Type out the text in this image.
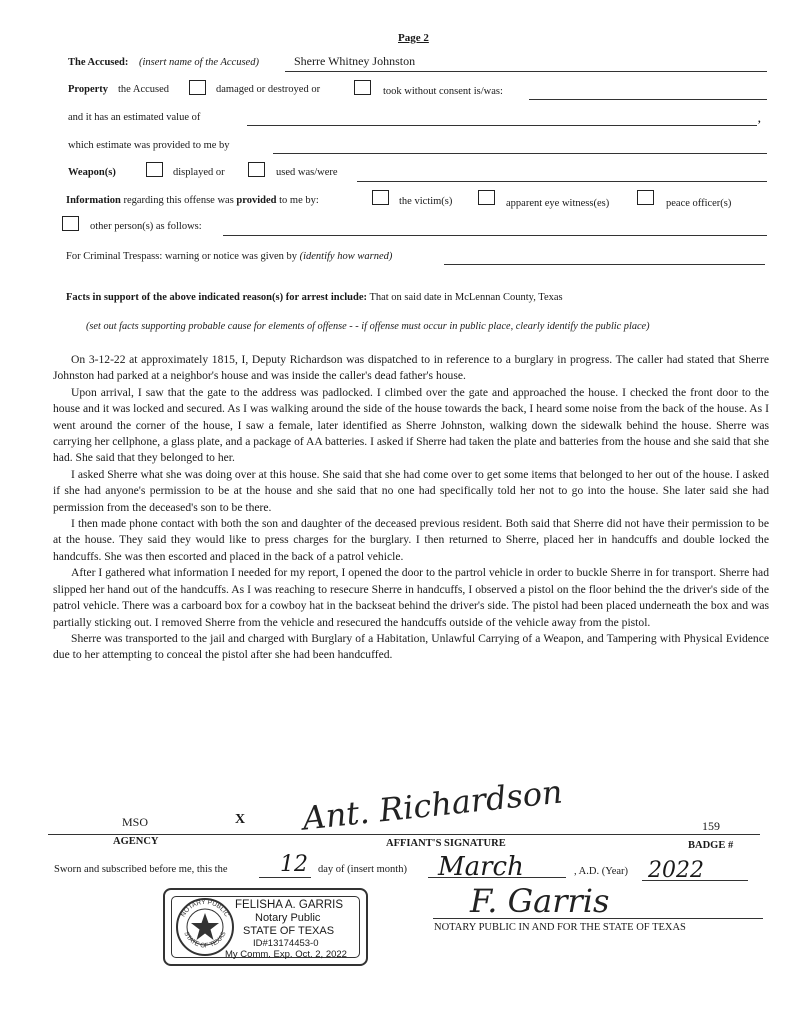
Page 2
The Accused: (insert name of the Accused)	Sherre Whitney Johnston
Property the Accused	damaged or destroyed or	took without consent is/was:
and it has an estimated value of	,
which estimate was provided to me by
Weapon(s)	displayed or	used was/were
Information regarding this offense was provided to me by:	the victim(s)	apparent eye witness(es)	peace officer(s)
other person(s) as follows:
For Criminal Trespass: warning or notice was given by (identify how warned)
Facts in support of the above indicated reason(s) for arrest include: That on said date in McLennan County, Texas
(set out facts supporting probable cause for elements of offense - - if offense must occur in public place, clearly identify the public place)

On 3-12-22 at approximately 1815, I, Deputy Richardson was dispatched to in reference to a burglary in progress. The caller had stated that Sherre Johnston had parked at a neighbor's house and was inside the caller's dead father's house.

Upon arrival, I saw that the gate to the address was padlocked. I climbed over the gate and approached the house. I checked the front door to the house and it was locked and secured. As I was walking around the side of the house towards the back, I heard some noise from the back of the house. As I went around the corner of the house, I saw a female, later identified as Sherre Johnston, walking down the sidewalk behind the house. Sherre was carrying her cellphone, a glass plate, and a package of AA batteries. I asked if Sherre had taken the plate and batteries from the house and she said that she had. She said that they belonged to her.

I asked Sherre what she was doing over at this house. She said that she had come over to get some items that belonged to her out of the house. I asked if she had anyone's permission to be at the house and she said that no one had specifically told her not to go into the house. She later said she had permission from the deceased's son to be there.

I then made phone contact with both the son and daughter of the deceased previous resident. Both said that Sherre did not have their permission to be at the house. They said they would like to press charges for the burglary. I then returned to Sherre, placed her in handcuffs and double locked the handcuffs. She was then escorted and placed in the back of a patrol vehicle.

After I gathered what information I needed for my report, I opened the door to the partrol vehicle in order to buckle Sherre in for transport. Sherre had slipped her hand out of the handcuffs. As I was reaching to resecure Sherre in handcuffs, I observed a pistol on the floor behind the the driver's side of the patrol vehicle. There was a carboard box for a cowboy hat in the backseat behind the driver's side. The pistol had been placed underneath the box and was partially sticking out. I removed Sherre from the vehicle and resecured the handcuffs outside of the vehicle away from the pistol.

Sherre was transported to the jail and charged with Burglary of a Habitation, Unlawful Carrying of a Weapon, and Tampering with Physical Evidence due to her attempting to conceal the pistol after she had been handcuffed.

MSO	X Ant. Richardson	159
AGENCY	AFFIANT'S SIGNATURE	BADGE #
Sworn and subscribed before me, this the 12 day of (insert month) March	, A.D. (Year) 2022
F. Garris
NOTARY PUBLIC IN AND FOR THE STATE OF TEXAS
NOTARY PUBLIC
STATE OF TEXAS
FELISHA A. GARRIS
Notary Public
STATE OF TEXAS
ID#13174453-0
My Comm. Exp. Oct. 2, 2022
